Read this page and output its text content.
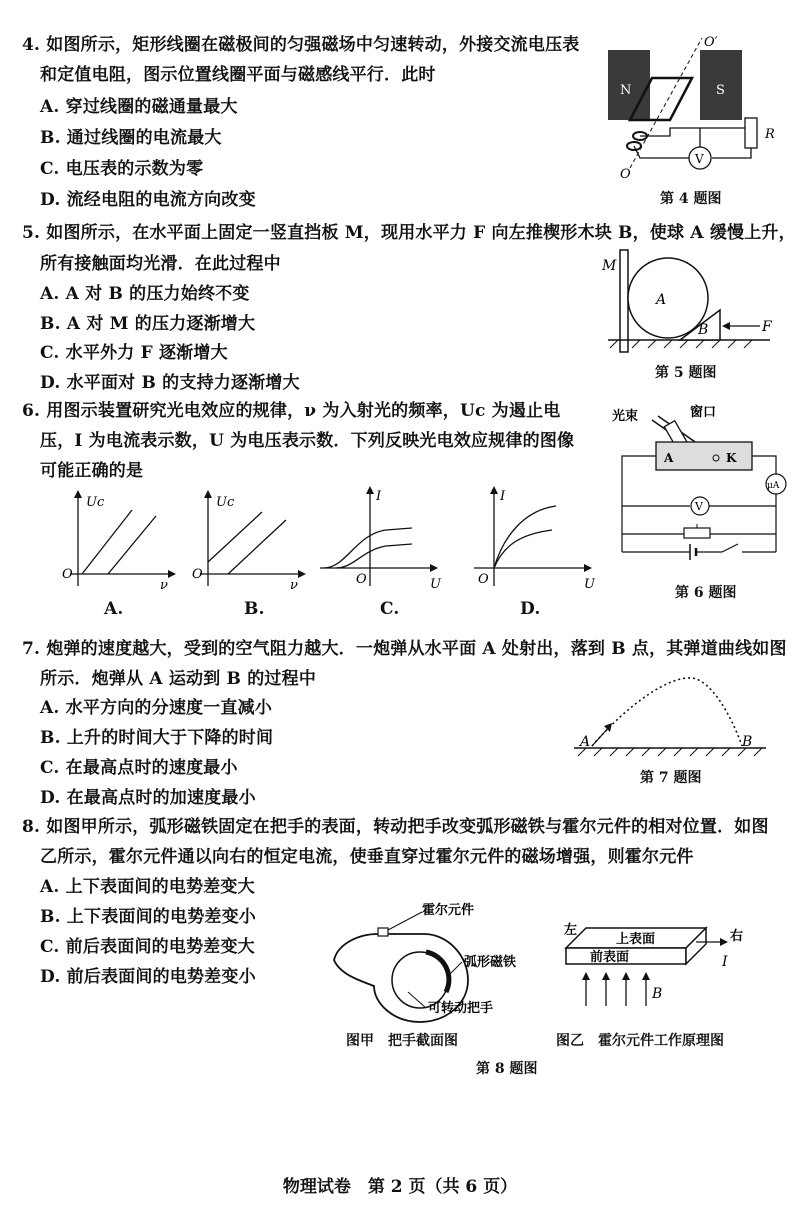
4. 如图所示，矩形线圈在磁极间的匀强磁场中匀速转动，外接交流电压表
和定值电阻，图示位置线圈平面与磁感线平行．此时
A. 穿过线圈的磁通量最大
B. 通过线圈的电流最大
C. 电压表的示数为零
D. 流经电阻的电流方向改变
N	S
O′
O
R
V
第 4 题图
5. 如图所示，在水平面上固定一竖直挡板 M，现用水平力 F 向左推楔形木块 B，使球 A 缓慢上升，
所有接触面均光滑．在此过程中
A. A 对 B 的压力始终不变
B. A 对 M 的压力逐渐增大
C. 水平外力 F 逐渐增大
D. 水平面对 B 的支持力逐渐增大
M
A
B	F
第 5 题图
6. 用图示装置研究光电效应的规律，ν 为入射光的频率，Uc 为遏止电
压，I 为电流表示数，U 为电压表示数．下列反映光电效应规律的图像
可能正确的是
光束	窗口
A	K
μA
V
第 6 题图
Uc
O
ν
Uc
O
ν
I
O	U
I
O	U
A.	B.	C.	D.
7. 炮弹的速度越大，受到的空气阻力越大．一炮弹从水平面 A 处射出，落到 B 点，其弹道曲线如图
所示．炮弹从 A 运动到 B 的过程中
A. 水平方向的分速度一直减小
B. 上升的时间大于下降的时间
C. 在最高点时的速度最小
D. 在最高点时的加速度最小
A	B
第 7 题图
8. 如图甲所示，弧形磁铁固定在把手的表面，转动把手改变弧形磁铁与霍尔元件的相对位置．如图
乙所示，霍尔元件通以向右的恒定电流，使垂直穿过霍尔元件的磁场增强，则霍尔元件
A. 上下表面间的电势差变大
B. 上下表面间的电势差变小
C. 前后表面间的电势差变大
D. 前后表面间的电势差变小
霍尔元件
弧形磁铁
可转动把手
图甲　把手截面图
左
上表面
前表面
右
I
B
图乙　霍尔元件工作原理图
第 8 题图
物理试卷　第 2 页（共 6 页）
